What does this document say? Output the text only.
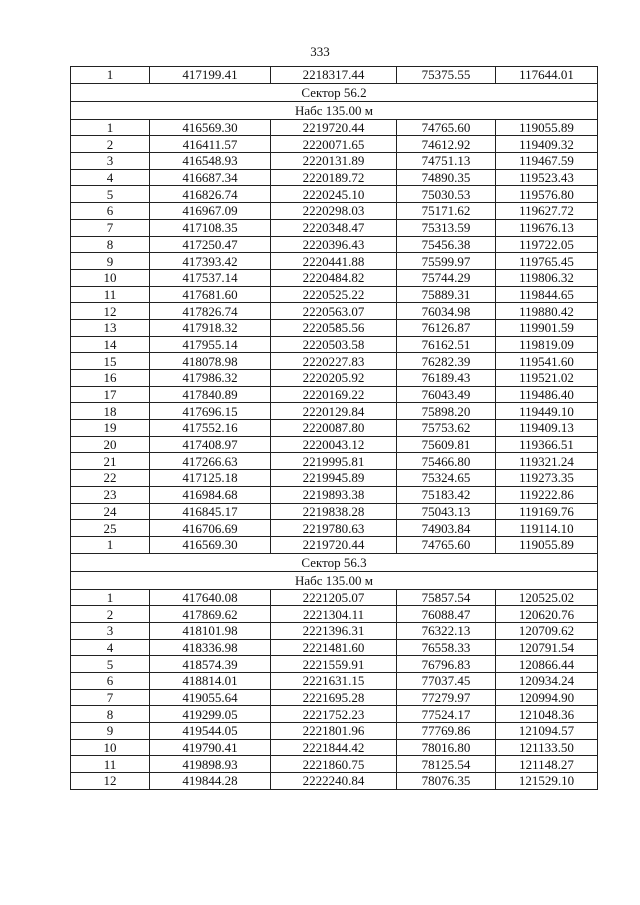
333
1	417199.41	2218317.44	75375.55	117644.01
Сектор 56.2				
Набс 135.00 м				
1	416569.30	2219720.44	74765.60	119055.89
2	416411.57	2220071.65	74612.92	119409.32
3	416548.93	2220131.89	74751.13	119467.59
4	416687.34	2220189.72	74890.35	119523.43
5	416826.74	2220245.10	75030.53	119576.80
6	416967.09	2220298.03	75171.62	119627.72
7	417108.35	2220348.47	75313.59	119676.13
8	417250.47	2220396.43	75456.38	119722.05
9	417393.42	2220441.88	75599.97	119765.45
10	417537.14	2220484.82	75744.29	119806.32
11	417681.60	2220525.22	75889.31	119844.65
12	417826.74	2220563.07	76034.98	119880.42
13	417918.32	2220585.56	76126.87	119901.59
14	417955.14	2220503.58	76162.51	119819.09
15	418078.98	2220227.83	76282.39	119541.60
16	417986.32	2220205.92	76189.43	119521.02
17	417840.89	2220169.22	76043.49	119486.40
18	417696.15	2220129.84	75898.20	119449.10
19	417552.16	2220087.80	75753.62	119409.13
20	417408.97	2220043.12	75609.81	119366.51
21	417266.63	2219995.81	75466.80	119321.24
22	417125.18	2219945.89	75324.65	119273.35
23	416984.68	2219893.38	75183.42	119222.86
24	416845.17	2219838.28	75043.13	119169.76
25	416706.69	2219780.63	74903.84	119114.10
1	416569.30	2219720.44	74765.60	119055.89
Сектор 56.3				
Набс 135.00 м				
1	417640.08	2221205.07	75857.54	120525.02
2	417869.62	2221304.11	76088.47	120620.76
3	418101.98	2221396.31	76322.13	120709.62
4	418336.98	2221481.60	76558.33	120791.54
5	418574.39	2221559.91	76796.83	120866.44
6	418814.01	2221631.15	77037.45	120934.24
7	419055.64	2221695.28	77279.97	120994.90
8	419299.05	2221752.23	77524.17	121048.36
9	419544.05	2221801.96	77769.86	121094.57
10	419790.41	2221844.42	78016.80	121133.50
11	419898.93	2221860.75	78125.54	121148.27
12	419844.28	2222240.84	78076.35	121529.10
